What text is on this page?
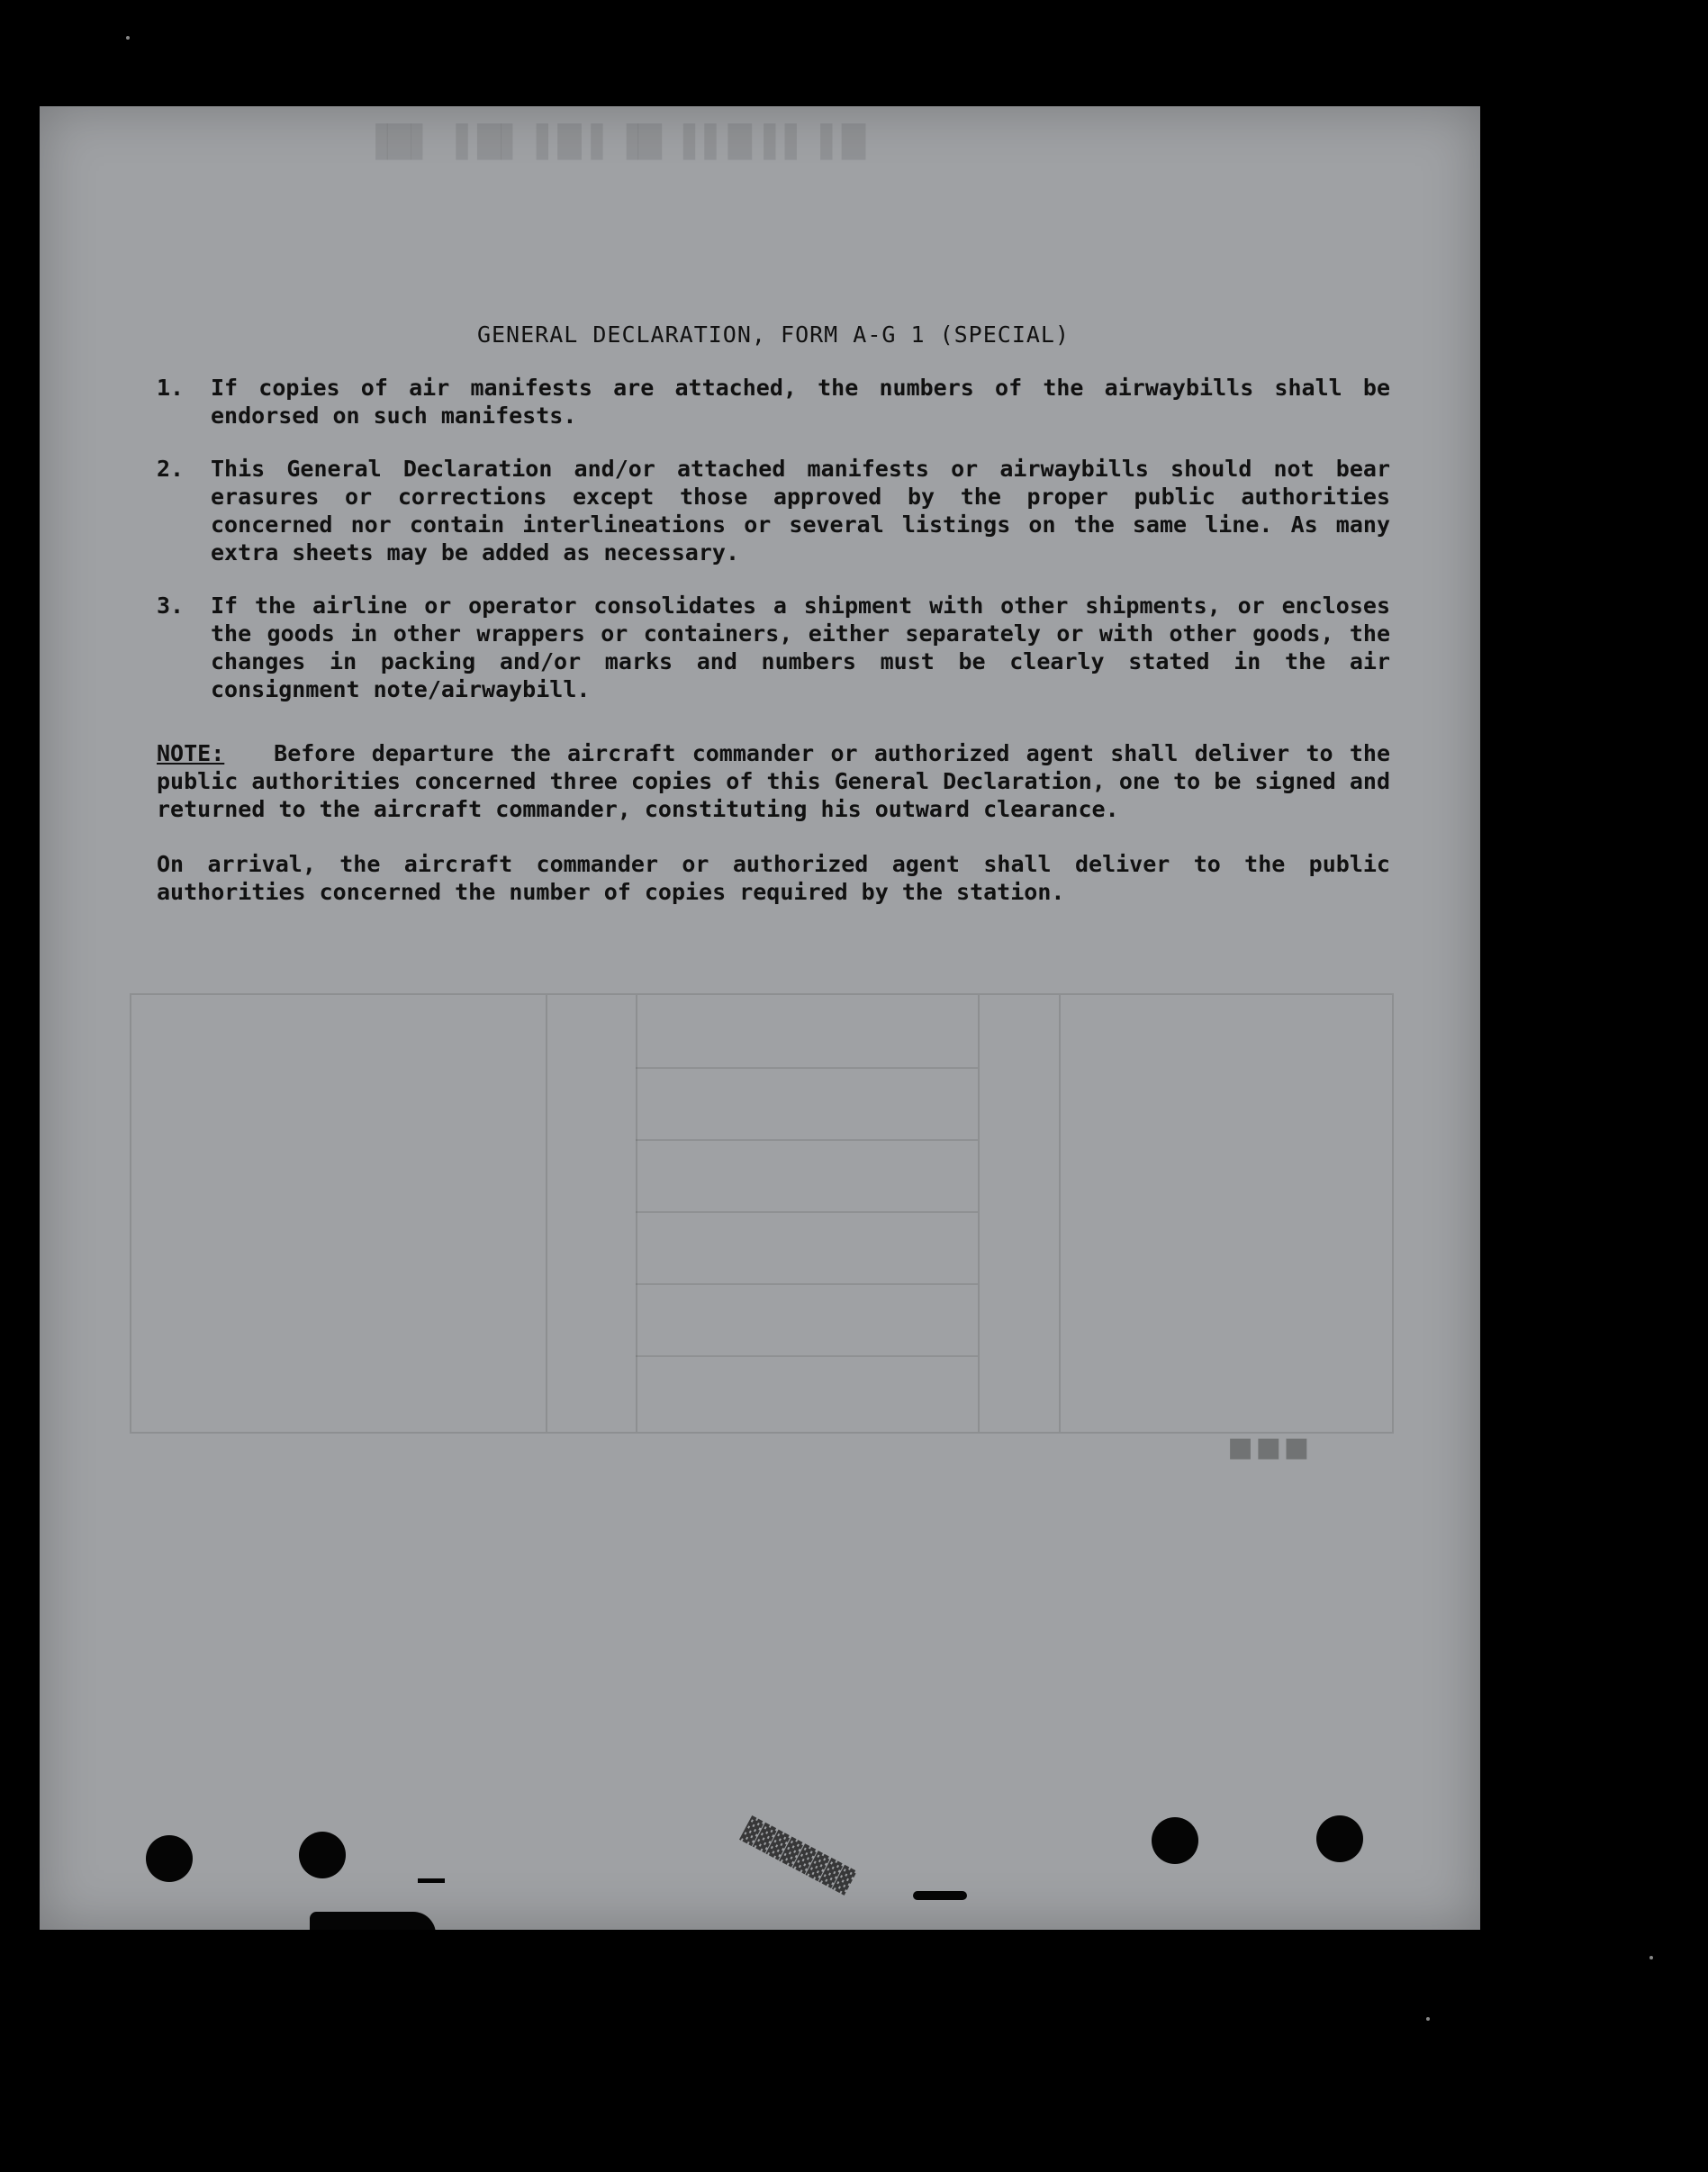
█ ▌▐ ▌█▐ ▌ █▌▐ █ ▌▐█ ▌ ▐█▌
▪▪▪
GENERAL DECLARATION, FORM A-G 1 (SPECIAL)
1.	If copies of air manifests are attached, the numbers of the airwaybills shall be endorsed on such manifests.
2.	This General Declaration and/or attached manifests or airwaybills should not bear erasures or corrections except those approved by the proper public authorities concerned nor contain interlineations or several listings on the same line. As many extra sheets may be added as necessary.
3.	If the airline or operator consolidates a shipment with other shipments, or encloses the goods in other wrappers or containers, either separately or with other goods, the changes in packing and/or marks and numbers must be clearly stated in the air consignment note/airwaybill.
NOTE: Before departure the aircraft commander or authorized agent shall deliver to the public authorities concerned three copies of this General Declaration, one to be signed and returned to the aircraft commander, constituting his outward clearance.
On arrival, the aircraft commander or authorized agent shall deliver to the public authorities concerned the number of copies required by the station.
▓▓▓▓▓▓▓▓
